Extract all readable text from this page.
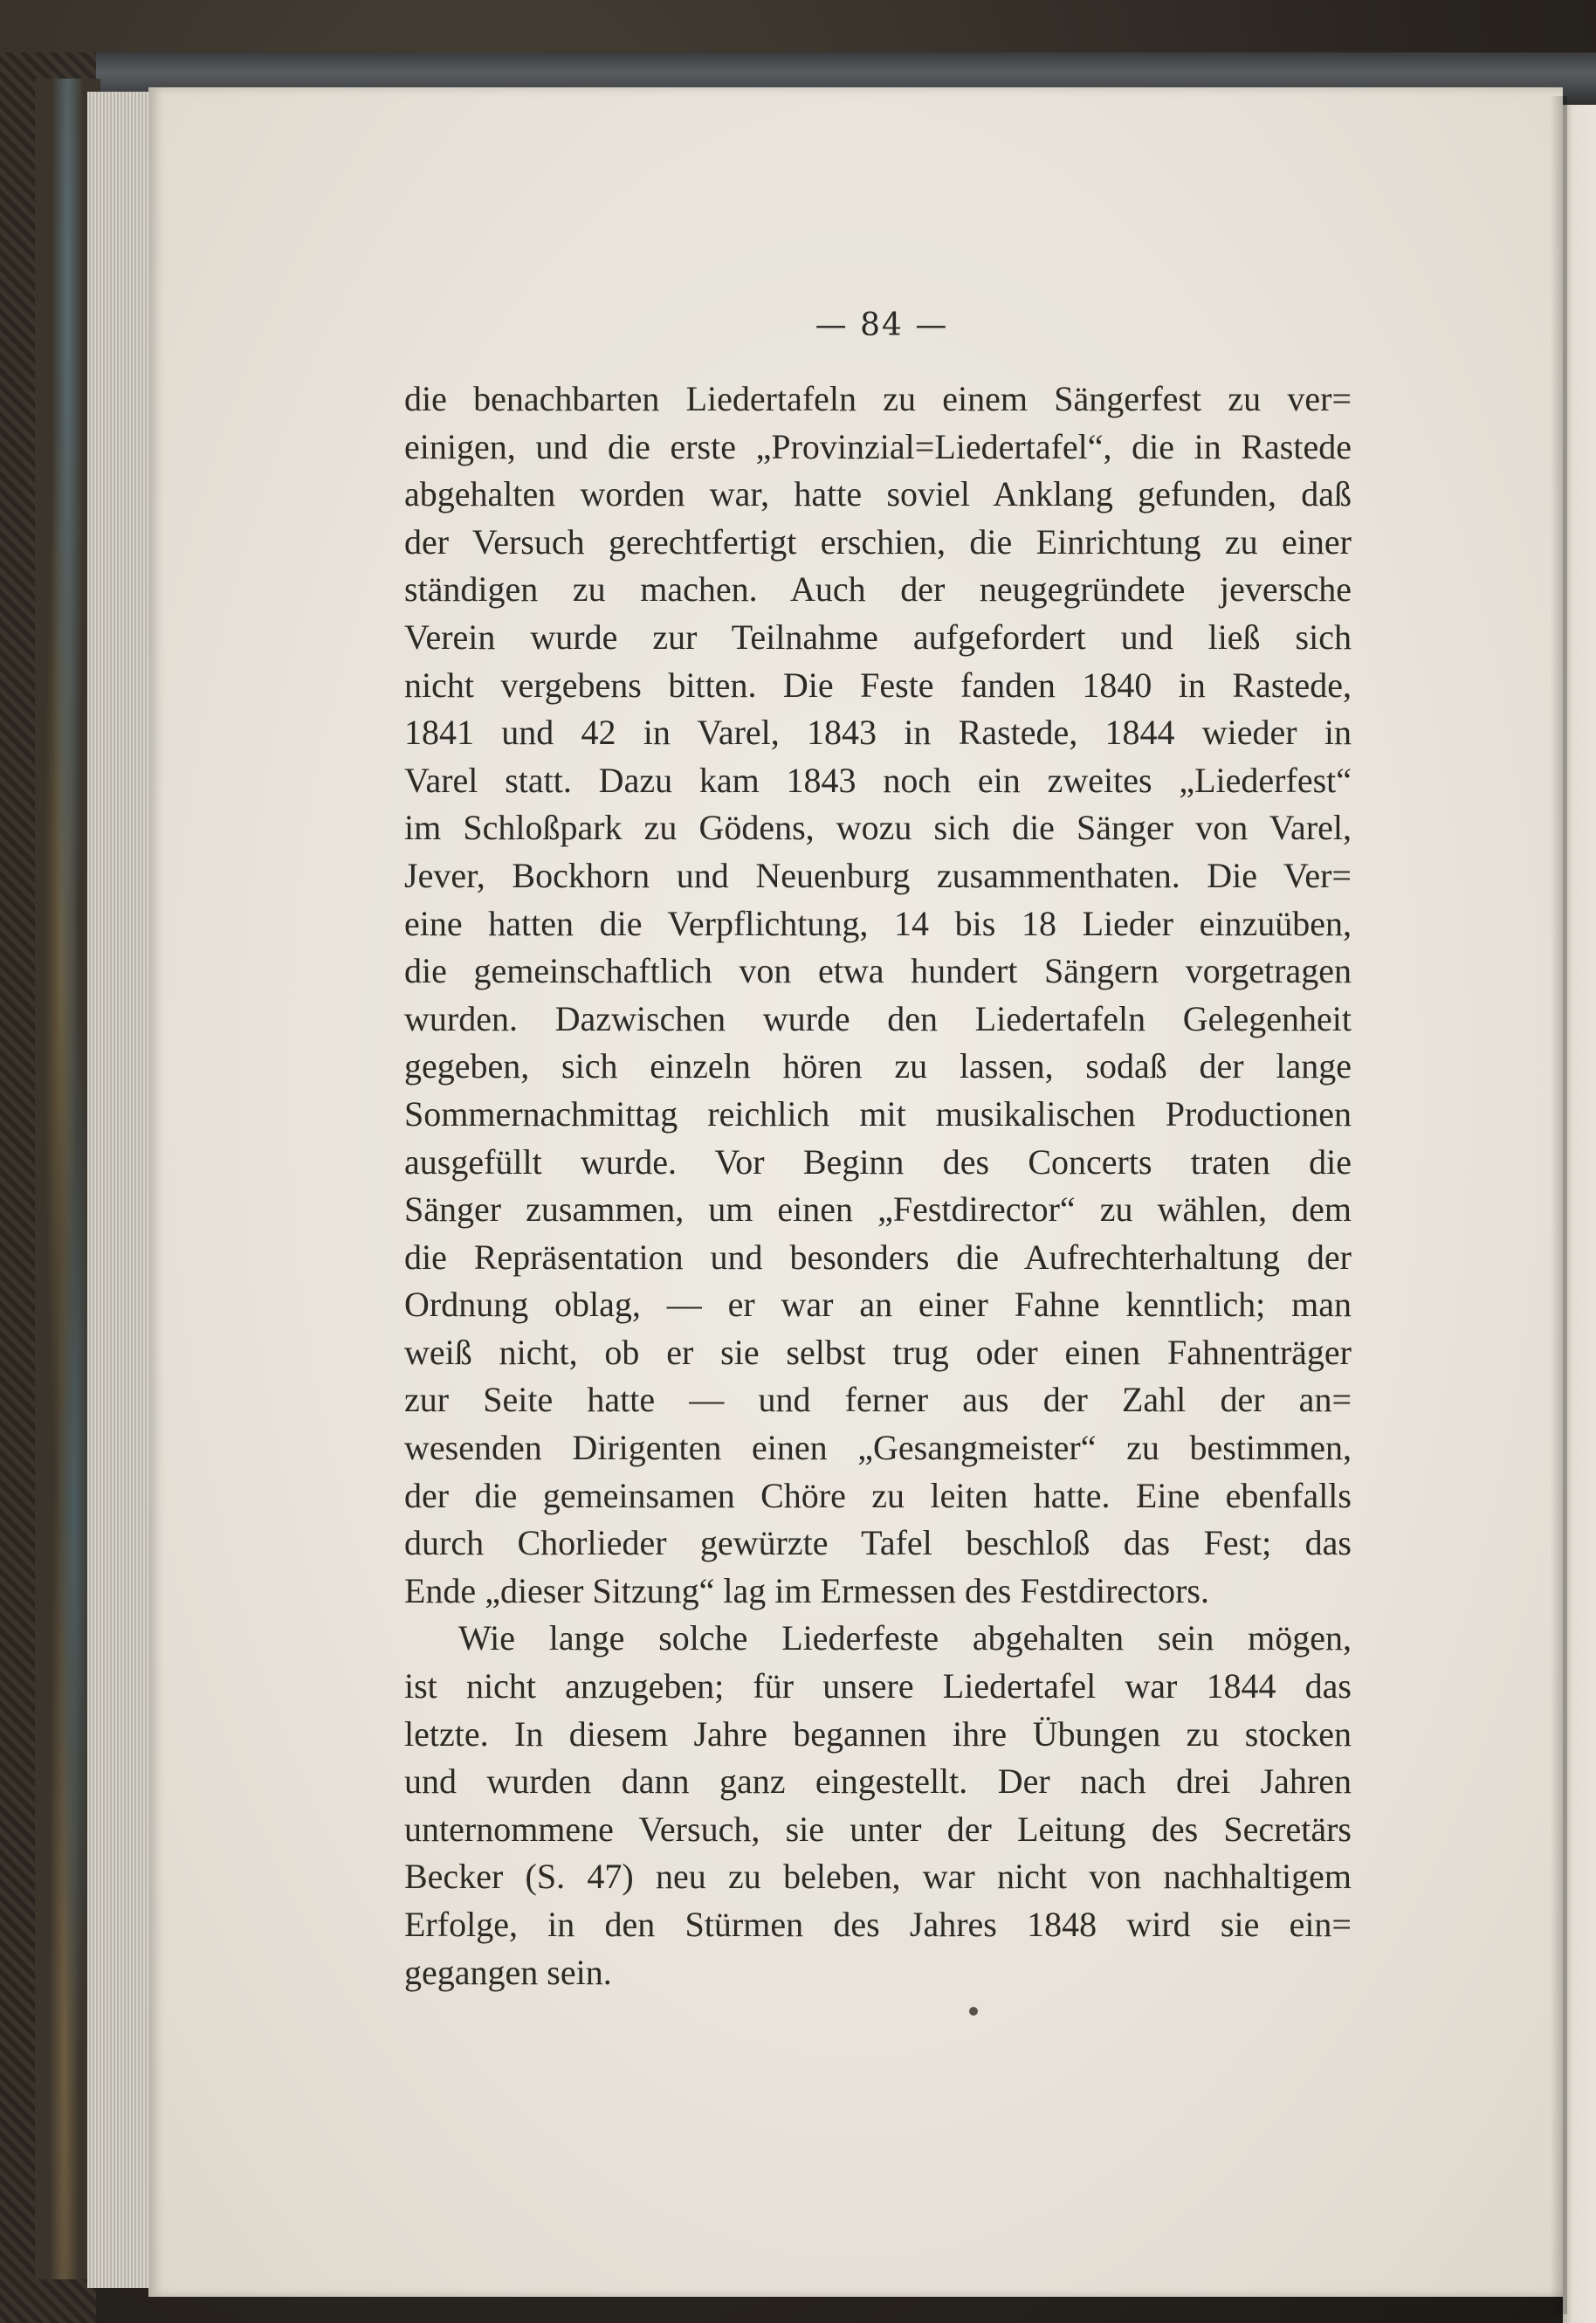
— 84 —
die benachbarten Liedertafeln zu einem Sängerfest zu ver=
einigen, und die erste „Provinzial=Liedertafel“, die in Rastede
abgehalten worden war, hatte soviel Anklang gefunden, daß
der Versuch gerechtfertigt erschien, die Einrichtung zu einer
ständigen zu machen. Auch der neugegründete jeversche
Verein wurde zur Teilnahme aufgefordert und ließ sich
nicht vergebens bitten. Die Feste fanden 1840 in Rastede,
1841 und 42 in Varel, 1843 in Rastede, 1844 wieder in
Varel statt. Dazu kam 1843 noch ein zweites „Liederfest“
im Schloßpark zu Gödens, wozu sich die Sänger von Varel,
Jever, Bockhorn und Neuenburg zusammenthaten. Die Ver=
eine hatten die Verpflichtung, 14 bis 18 Lieder einzuüben,
die gemeinschaftlich von etwa hundert Sängern vorgetragen
wurden. Dazwischen wurde den Liedertafeln Gelegenheit
gegeben, sich einzeln hören zu lassen, sodaß der lange
Sommernachmittag reichlich mit musikalischen Productionen
ausgefüllt wurde. Vor Beginn des Concerts traten die
Sänger zusammen, um einen „Festdirector“ zu wählen, dem
die Repräsentation und besonders die Aufrechterhaltung der
Ordnung oblag, — er war an einer Fahne kenntlich; man
weiß nicht, ob er sie selbst trug oder einen Fahnenträger
zur Seite hatte — und ferner aus der Zahl der an=
wesenden Dirigenten einen „Gesangmeister“ zu bestimmen,
der die gemeinsamen Chöre zu leiten hatte. Eine ebenfalls
durch Chorlieder gewürzte Tafel beschloß das Fest; das
Ende „dieser Sitzung“ lag im Ermessen des Festdirectors.
Wie lange solche Liederfeste abgehalten sein mögen,
ist nicht anzugeben; für unsere Liedertafel war 1844 das
letzte. In diesem Jahre begannen ihre Übungen zu stocken
und wurden dann ganz eingestellt. Der nach drei Jahren
unternommene Versuch, sie unter der Leitung des Secretärs
Becker (S. 47) neu zu beleben, war nicht von nachhaltigem
Erfolge, in den Stürmen des Jahres 1848 wird sie ein=
gegangen sein.
